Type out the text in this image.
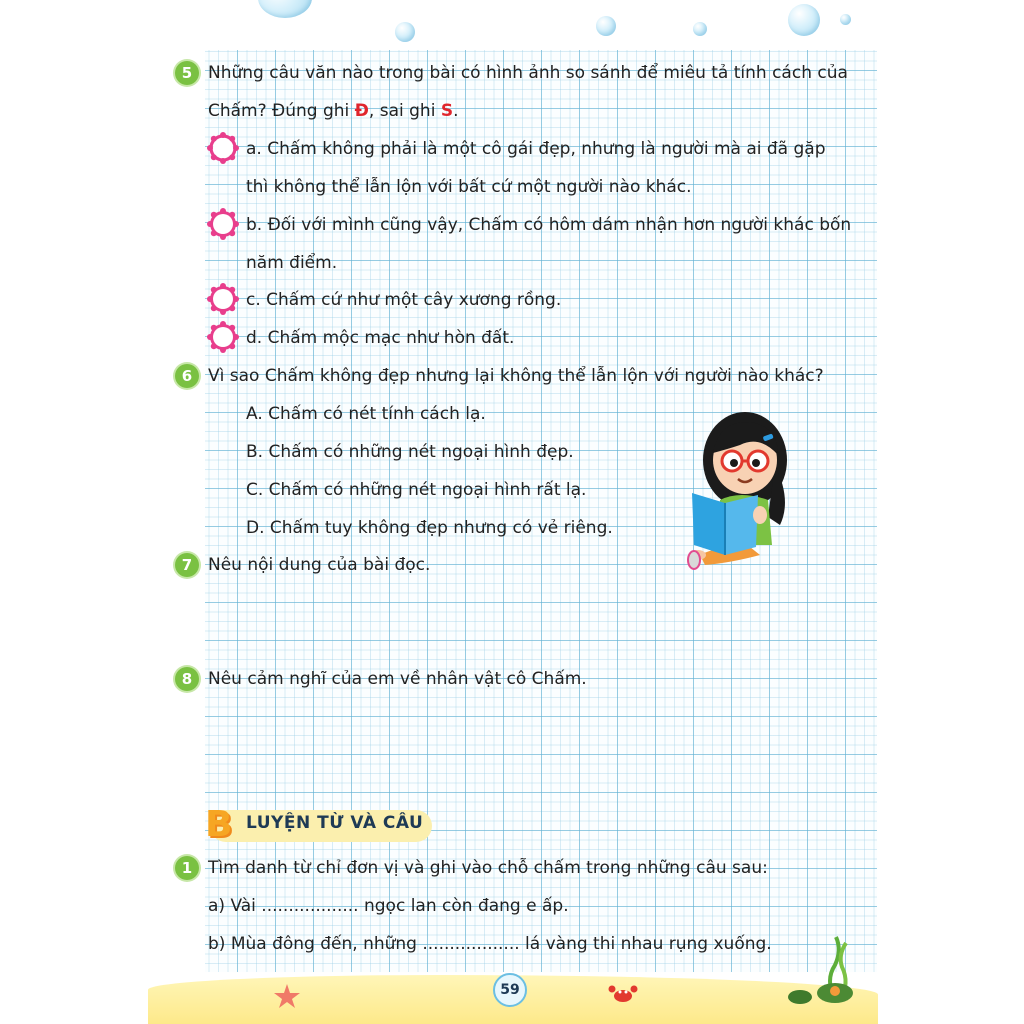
5 Những câu văn nào trong bài có hình ảnh so sánh để miêu tả tính cách của
Chấm? Đúng ghi Đ, sai ghi S.
a. Chấm không phải là một cô gái đẹp, nhưng là người mà ai đã gặp
thì không thể lẫn lộn với bất cứ một người nào khác.
b. Đối với mình cũng vậy, Chấm có hôm dám nhận hơn người khác bốn
năm điểm.
c. Chấm cứ như một cây xương rồng.
d. Chấm mộc mạc như hòn đất.
6 Vì sao Chấm không đẹp nhưng lại không thể lẫn lộn với người nào khác?
A. Chấm có nét tính cách lạ.
B. Chấm có những nét ngoại hình đẹp.
C. Chấm có những nét ngoại hình rất lạ.
D. Chấm tuy không đẹp nhưng có vẻ riêng.
7 Nêu nội dung của bài đọc.
8 Nêu cảm nghĩ của em về nhân vật cô Chấm.
B LUYỆN TỪ VÀ CÂU
1 Tìm danh từ chỉ đơn vị và ghi vào chỗ chấm trong những câu sau:
a) Vài .................. ngọc lan còn đang e ấp.
b) Mùa đông đến, những .................. lá vàng thi nhau rụng xuống.
59
